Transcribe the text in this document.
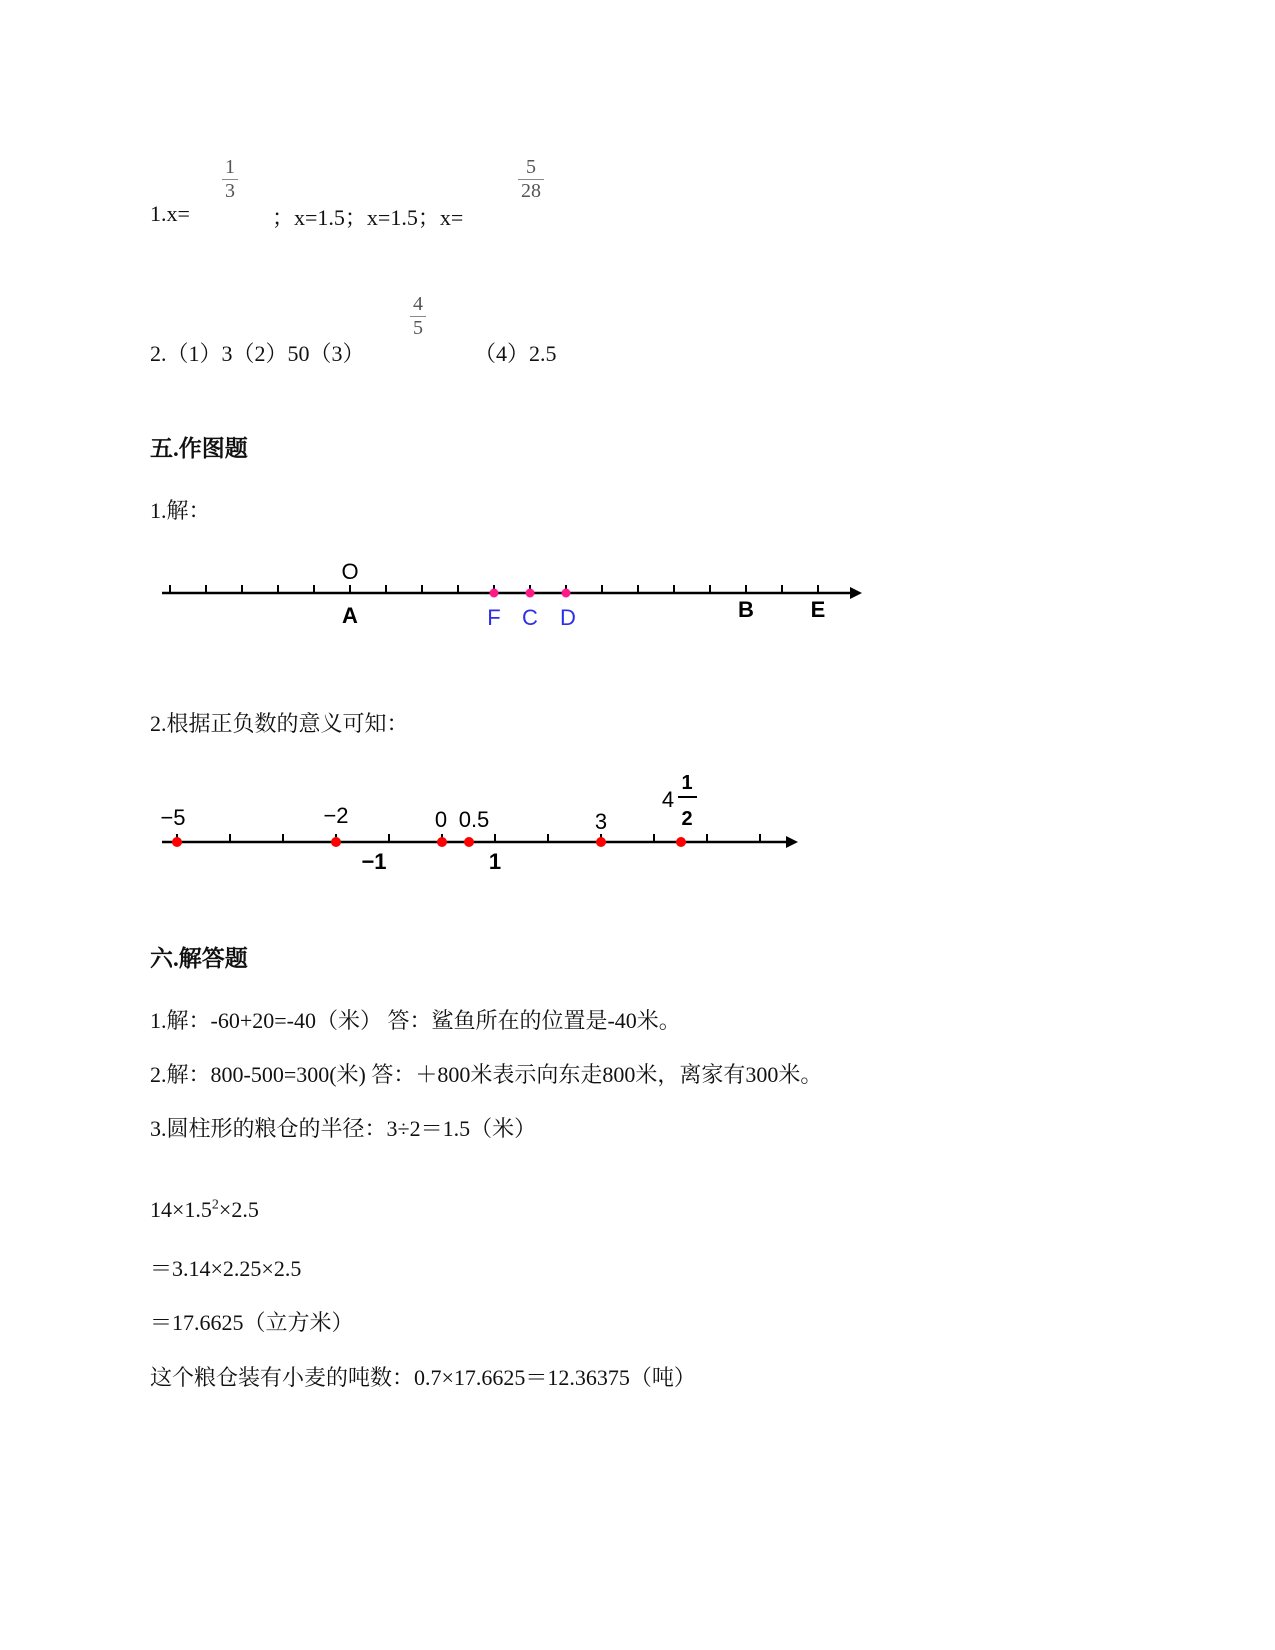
1.x=
1
3
；x=1.5；x=1.5；x=
5
28
2.（1）3（2）50（3）
4
5
（4）2.5
五.作图题
1.解：
O
A	F C D	B	E
2.根据正负数的意义可知：
−5	−2	0 0.5	3
4
1
2
−1	1
六.解答题
1.解：-60+20=-40（米） 答：鲨鱼所在的位置是-40米。
2.解：800-500=300(米) 答：＋800米表示向东走800米，离家有300米。
3.圆柱形的粮仓的半径：3÷2＝1.5（米）
$14\times 1.5^2\times 2.5$
＝3.14×2.25×2.5
＝17.6625（立方米）
这个粮仓装有小麦的吨数：0.7×17.6625＝12.36375（吨）
